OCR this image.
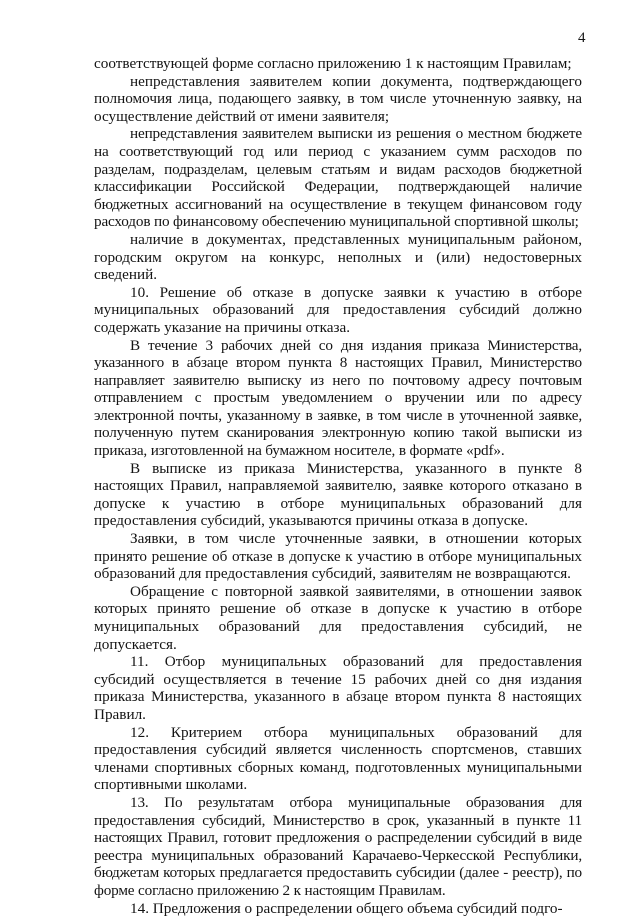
4

соответствующей форме согласно приложению 1 к настоящим Правилам;

непредставления заявителем копии документа, подтверждающего полномочия лица, подающего заявку, в том числе уточненную заявку, на осуществление действий от имени заявителя;

непредставления заявителем выписки из решения о местном бюджете на соответствующий год или период с указанием сумм расходов по разделам, подразделам, целевым статьям и видам расходов бюджетной классификации Российской Федерации, подтверждающей наличие бюджетных ассигнований на осуществление в текущем финансовом году расходов по финансовому обеспечению муниципальной спортивной школы;

наличие в документах, представленных муниципальным районом, городским округом на конкурс, неполных и (или) недостоверных сведений.

10. Решение об отказе в допуске заявки к участию в отборе муниципальных образований для предоставления субсидий должно содержать указание на причины отказа.

В течение 3 рабочих дней со дня издания приказа Министерства, указанного в абзаце втором пункта 8 настоящих Правил, Министерство направляет заявителю выписку из него по почтовому адресу почтовым отправлением с простым уведомлением о вручении или по адресу электронной почты, указанному в заявке, в том числе в уточненной заявке, полученную путем сканирования электронную копию такой выписки из приказа, изготовленной на бумажном носителе, в формате «pdf».

В выписке из приказа Министерства, указанного в пункте 8 настоящих Правил, направляемой заявителю, заявке которого отказано в допуске к участию в отборе муниципальных образований для предоставления субсидий, указываются причины отказа в допуске.

Заявки, в том числе уточненные заявки, в отношении которых принято решение об отказе в допуске к участию в отборе муниципальных образований для предоставления субсидий, заявителям не возвращаются.

Обращение с повторной заявкой заявителями, в отношении заявок которых принято решение об отказе в допуске к участию в отборе муниципальных образований для предоставления субсидий, не допускается.

11. Отбор муниципальных образований для предоставления субсидий осуществляется в течение 15 рабочих дней со дня издания приказа Министерства, указанного в абзаце втором пункта 8 настоящих Правил.

12. Критерием отбора муниципальных образований для предоставления субсидий является численность спортсменов, ставших членами спортивных сборных команд, подготовленных муниципальными спортивными школами.

13. По результатам отбора муниципальные образования для предоставления субсидий, Министерство в срок, указанный в пункте 11 настоящих Правил, готовит предложения о распределении субсидий в виде реестра муниципальных образований Карачаево-Черкесской Республики, бюджетам которых предлагается предоставить субсидии (далее - реестр), по форме согласно приложению 2 к настоящим Правилам.

14. Предложения о распределении общего объема субсидий подго-
